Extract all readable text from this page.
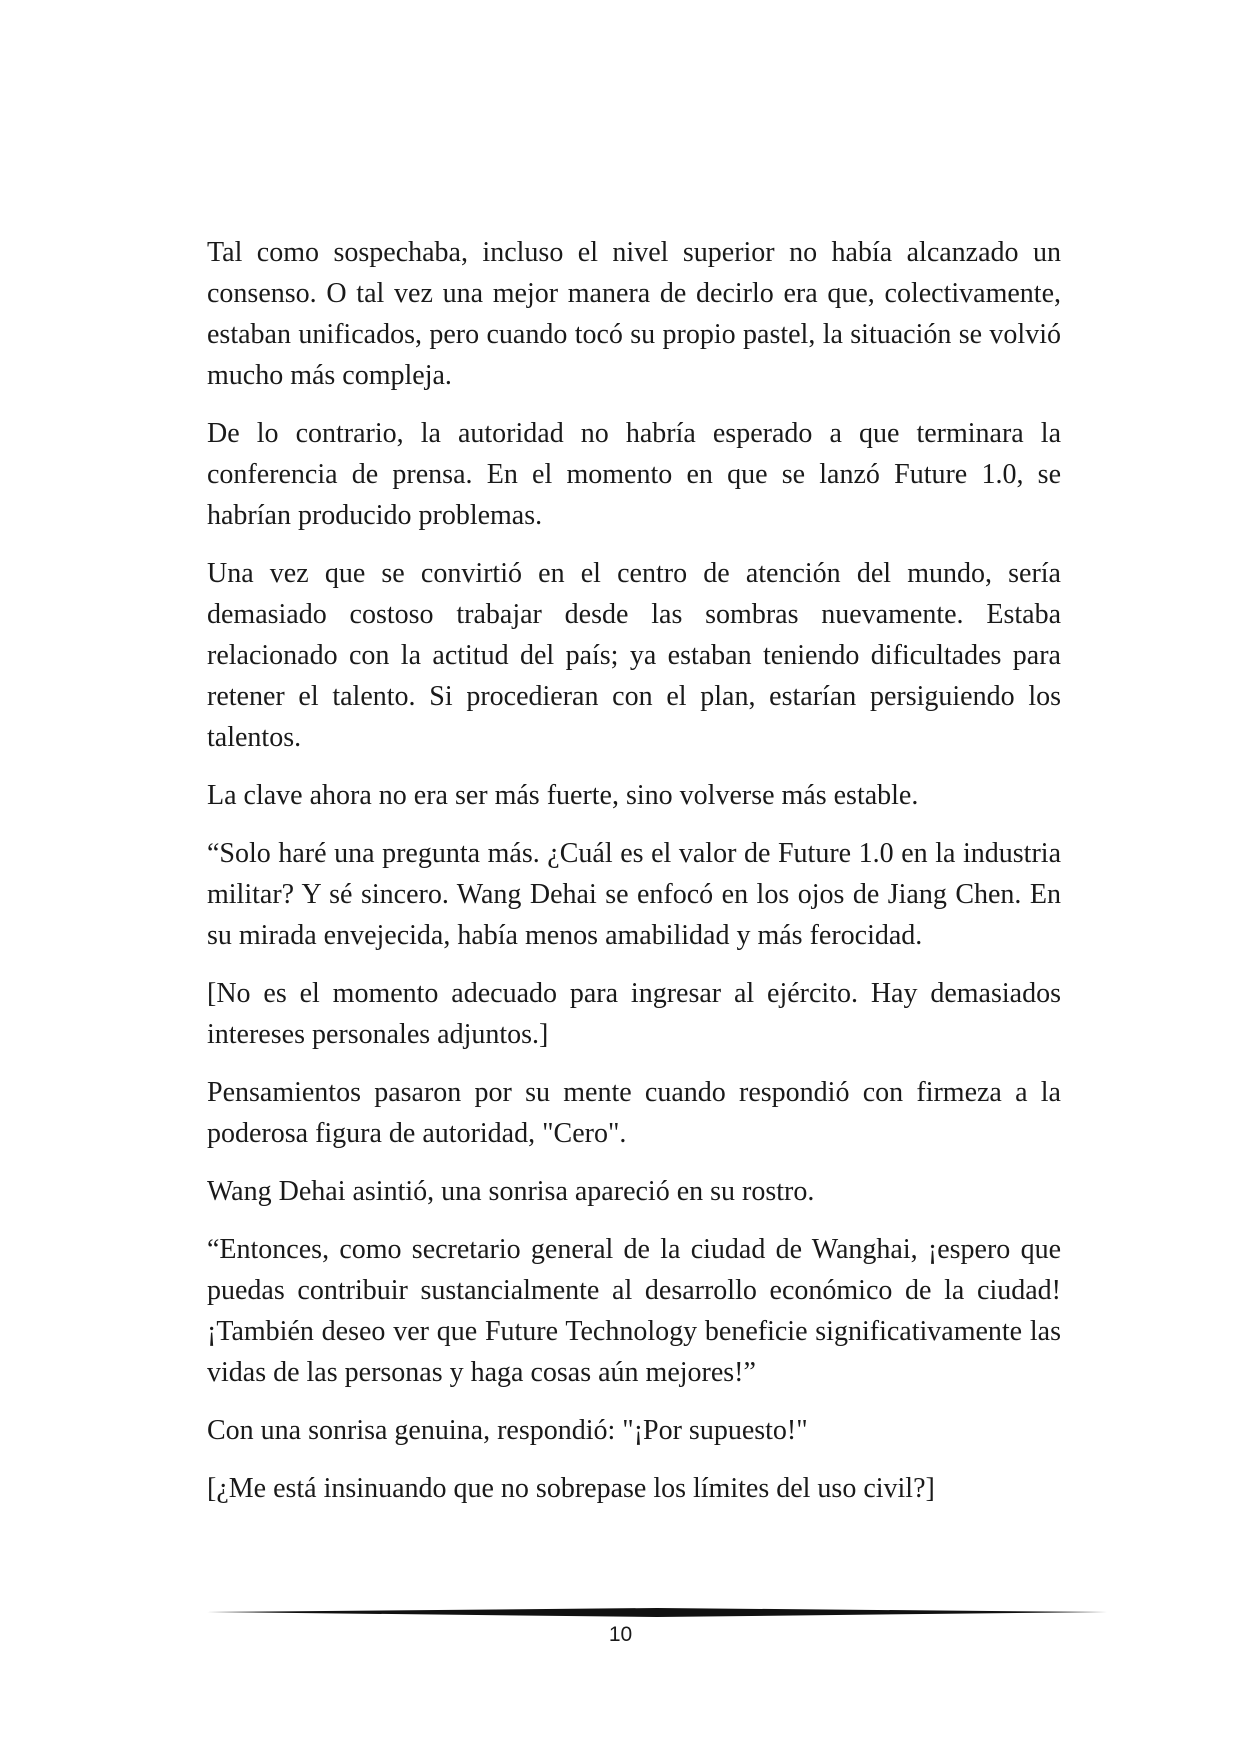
Tal como sospechaba, incluso el nivel superior no había alcanzado un consenso. O tal vez una mejor manera de decirlo era que, colectivamente, estaban unificados, pero cuando tocó su propio pastel, la situación se volvió mucho más compleja.

De lo contrario, la autoridad no habría esperado a que terminara la conferencia de prensa. En el momento en que se lanzó Future 1.0, se habrían producido problemas.

Una vez que se convirtió en el centro de atención del mundo, sería demasiado costoso trabajar desde las sombras nuevamente. Estaba relacionado con la actitud del país; ya estaban teniendo dificultades para retener el talento. Si procedieran con el plan, estarían persiguiendo los talentos.

La clave ahora no era ser más fuerte, sino volverse más estable.

“Solo haré una pregunta más. ¿Cuál es el valor de Future 1.0 en la industria militar? Y sé sincero. Wang Dehai se enfocó en los ojos de Jiang Chen. En su mirada envejecida, había menos amabilidad y más ferocidad.

[No es el momento adecuado para ingresar al ejército. Hay demasiados intereses personales adjuntos.]

Pensamientos pasaron por su mente cuando respondió con firmeza a la poderosa figura de autoridad, "Cero".

Wang Dehai asintió, una sonrisa apareció en su rostro.

“Entonces, como secretario general de la ciudad de Wanghai, ¡espero que puedas contribuir sustancialmente al desarrollo económico de la ciudad! ¡También deseo ver que Future Technology beneficie significativamente las vidas de las personas y haga cosas aún mejores!”

Con una sonrisa genuina, respondió: "¡Por supuesto!"

[¿Me está insinuando que no sobrepase los límites del uso civil?]

10
